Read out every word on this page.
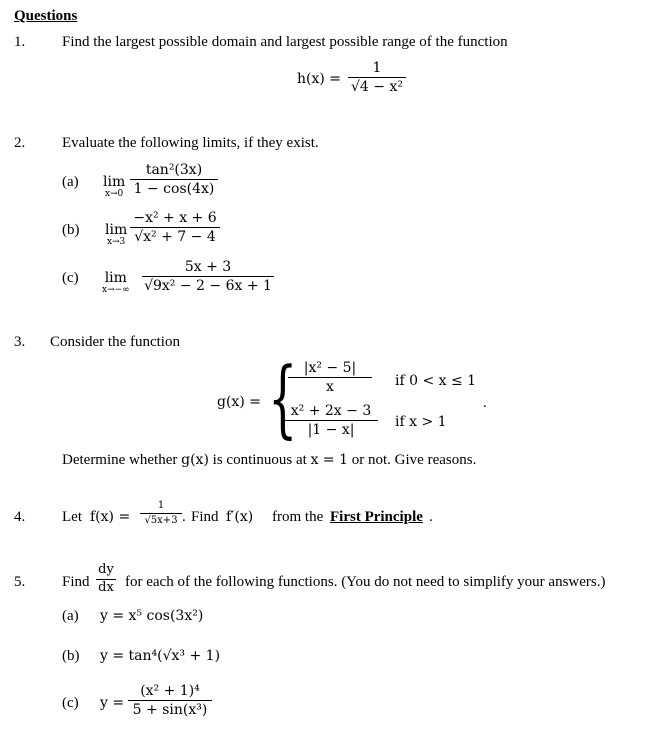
Questions
1. Find the largest possible domain and largest possible range of the function
h(x) =
1
√4 − x²
2. Evaluate the following limits, if they exist.
(a) lim
x→0
tan²(3x)
1 − cos(4x)
(b) lim
x→3
−x² + x + 6
√x² + 7 − 4
(c) lim
x→−∞
5x + 3
√9x² − 2 − 6x + 1
3. Consider the function
g(x) = { |x² − 5|
x	if 0 < x ≤ 1
x² + 2x − 3
|1 − x|
if x > 1
.
Determine whether g(x) is continuous at x = 1 or not. Give reasons.
4. Let f(x) =
1
√5x+3 . Find f′(x) from the First Principle .
5. Find
dy
dx for each of the following functions. (You do not need to simplify your answers.)
(a) y = x⁵ cos(3x²)
(b) y = tan⁴(√x³ + 1)
(c) y =
(x² + 1)⁴
5 + sin(x³)
